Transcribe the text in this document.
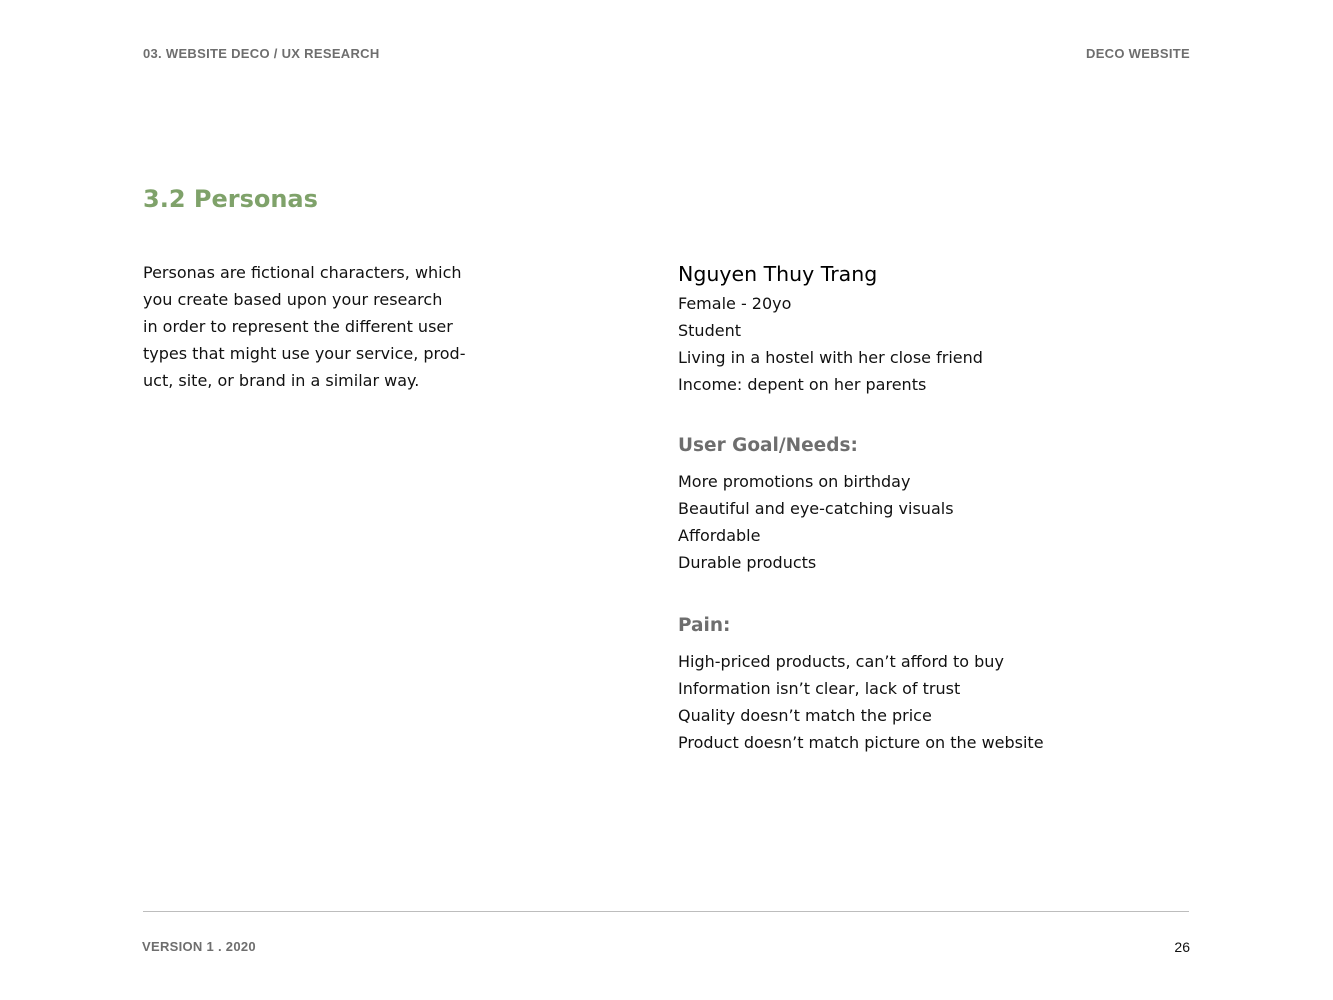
03. WEBSITE DECO / UX RESEARCH	DECO WEBSITE
3.2 Personas
Personas are fictional characters, which
you create based upon your research
in order to represent the different user
types that might use your service, prod-
uct, site, or brand in a similar way.
Nguyen Thuy Trang
Female - 20yo
Student
Living in a hostel with her close friend
Income: depent on her parents
User Goal/Needs:
More promotions on birthday
Beautiful and eye-catching visuals
Affordable
Durable products
Pain:
High-priced products, can’t afford to buy
Information isn’t clear, lack of trust
Quality doesn’t match the price
Product doesn’t match picture on the website
VERSION 1 . 2020	26
